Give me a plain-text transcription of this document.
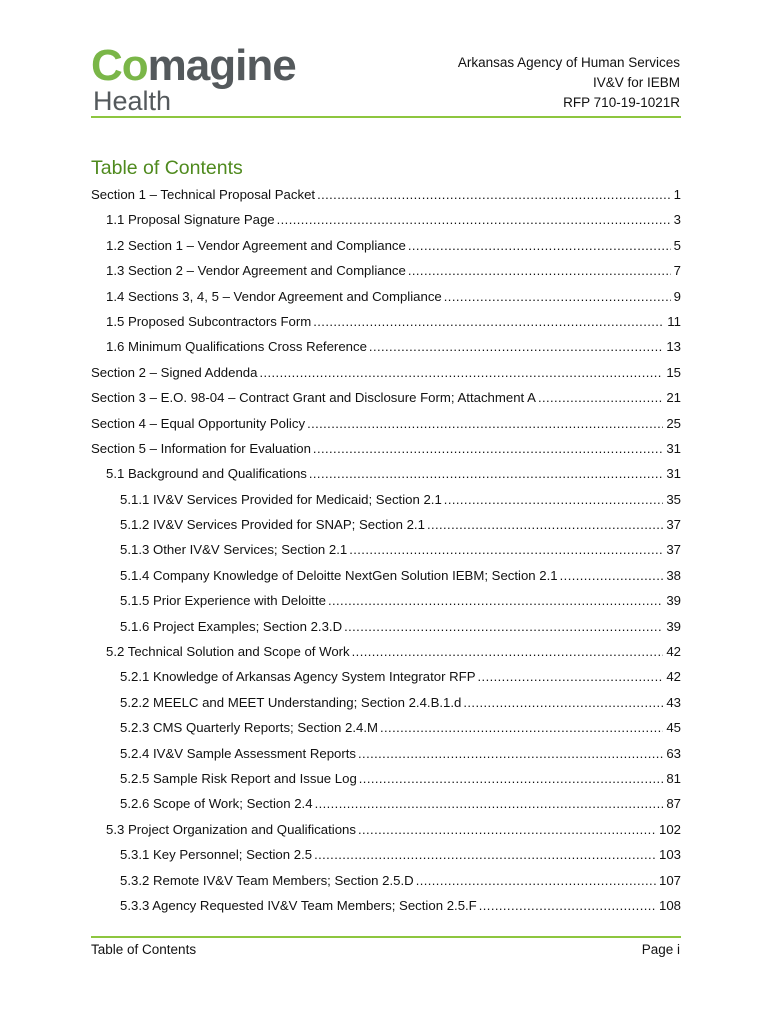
Comagine
Health
Arkansas Agency of Human Services
IV&V for IEBM
RFP 710-19-1021R
Table of Contents
Section 1 – Technical Proposal Packet . . .	1
1.1 Proposal Signature Page . . .	3
1.2 Section 1 – Vendor Agreement and Compliance . . .	5
1.3 Section 2 – Vendor Agreement and Compliance . . .	7
1.4 Sections 3, 4, 5 – Vendor Agreement and Compliance . . .	9
1.5 Proposed Subcontractors Form . . .	11
1.6 Minimum Qualifications Cross Reference . . .	13
Section 2 – Signed Addenda . . .	15
Section 3 – E.O. 98-04 – Contract Grant and Disclosure Form; Attachment A . . .	21
Section 4 – Equal Opportunity Policy . . .	25
Section 5 – Information for Evaluation . . .	31
5.1 Background and Qualifications . . .	31
5.1.1 IV&V Services Provided for Medicaid; Section 2.1 . . .	35
5.1.2 IV&V Services Provided for SNAP; Section 2.1 . . .	37
5.1.3 Other IV&V Services; Section 2.1 . . .	37
5.1.4 Company Knowledge of Deloitte NextGen Solution IEBM; Section 2.1 . . .	38
5.1.5 Prior Experience with Deloitte . . .	39
5.1.6 Project Examples; Section 2.3.D . . .	39
5.2 Technical Solution and Scope of Work . . .	42
5.2.1 Knowledge of Arkansas Agency System Integrator RFP . . .	42
5.2.2 MEELC and MEET Understanding; Section 2.4.B.1.d . . .	43
5.2.3 CMS Quarterly Reports; Section 2.4.M . . .	45
5.2.4 IV&V Sample Assessment Reports . . .	63
5.2.5 Sample Risk Report and Issue Log . . .	81
5.2.6 Scope of Work; Section 2.4 . . .	87
5.3 Project Organization and Qualifications . . .	102
5.3.1 Key Personnel; Section 2.5 . . .	103
5.3.2 Remote IV&V Team Members; Section 2.5.D . . .	107
5.3.3 Agency Requested IV&V Team Members; Section 2.5.F . . .	108
Table of Contents	Page i
